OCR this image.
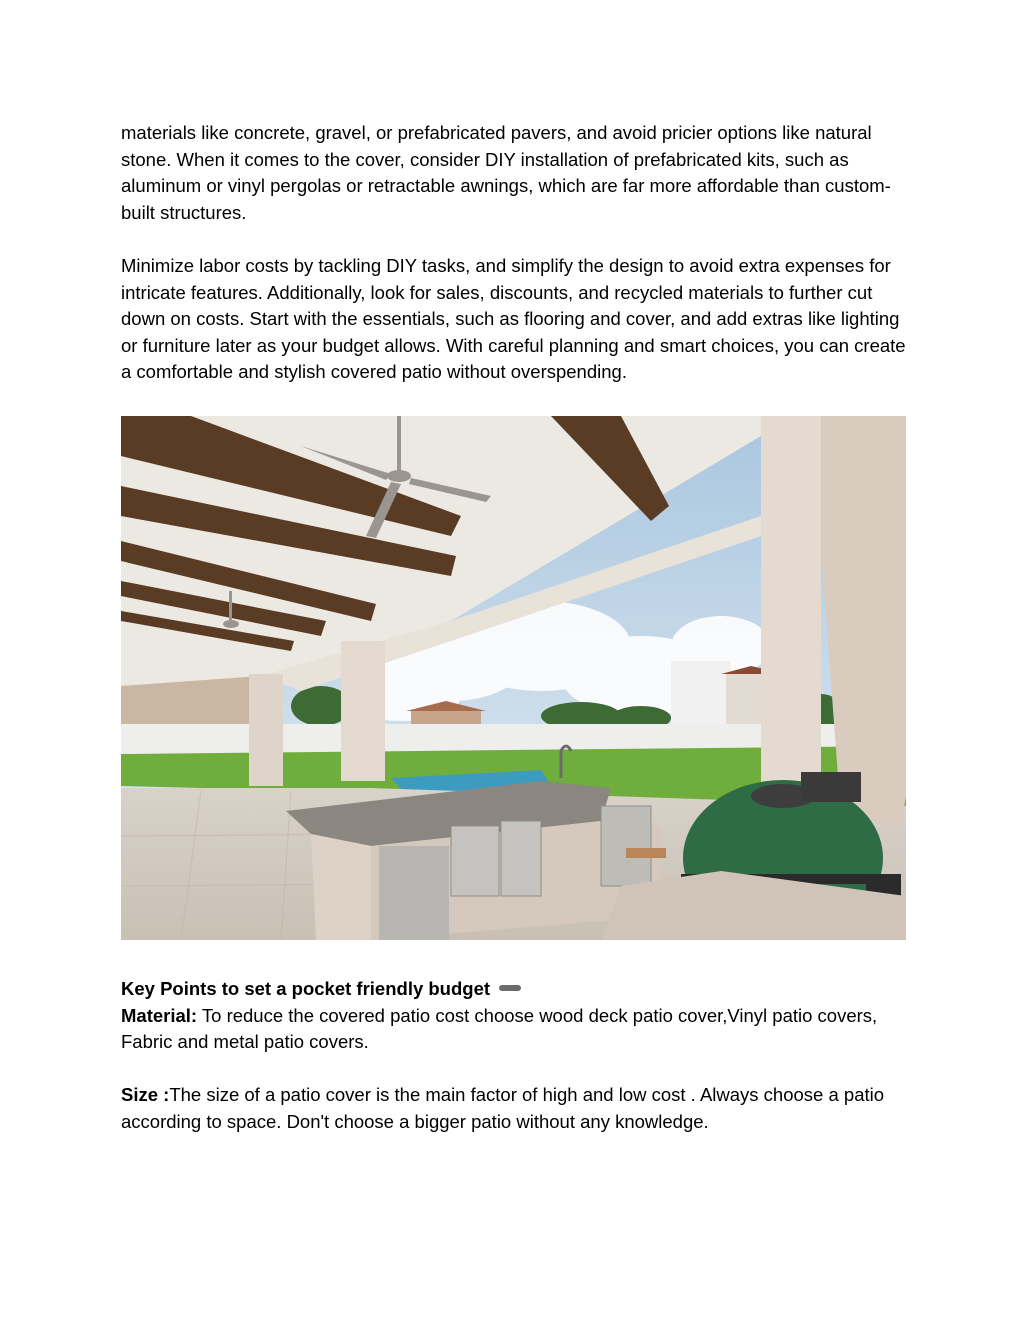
materials like concrete, gravel, or prefabricated pavers, and avoid pricier options like natural stone. When it comes to the cover, consider DIY installation of prefabricated kits, such as aluminum or vinyl pergolas or retractable awnings, which are far more affordable than custom-built structures.

Minimize labor costs by tackling DIY tasks, and simplify the design to avoid extra expenses for intricate features. Additionally, look for sales, discounts, and recycled materials to further cut down on costs. Start with the essentials, such as flooring and cover, and add extras like lighting or furniture later as your budget allows. With careful planning and smart choices, you can create a comfortable and stylish covered patio without overspending.

Key Points to set a pocket friendly budget

Material: To reduce the covered patio cost choose wood deck patio cover,Vinyl patio covers, Fabric and metal patio covers.

Size :The size of a patio cover is the main factor of high and low cost . Always choose a patio according to space. Don't choose a bigger patio without any knowledge.
